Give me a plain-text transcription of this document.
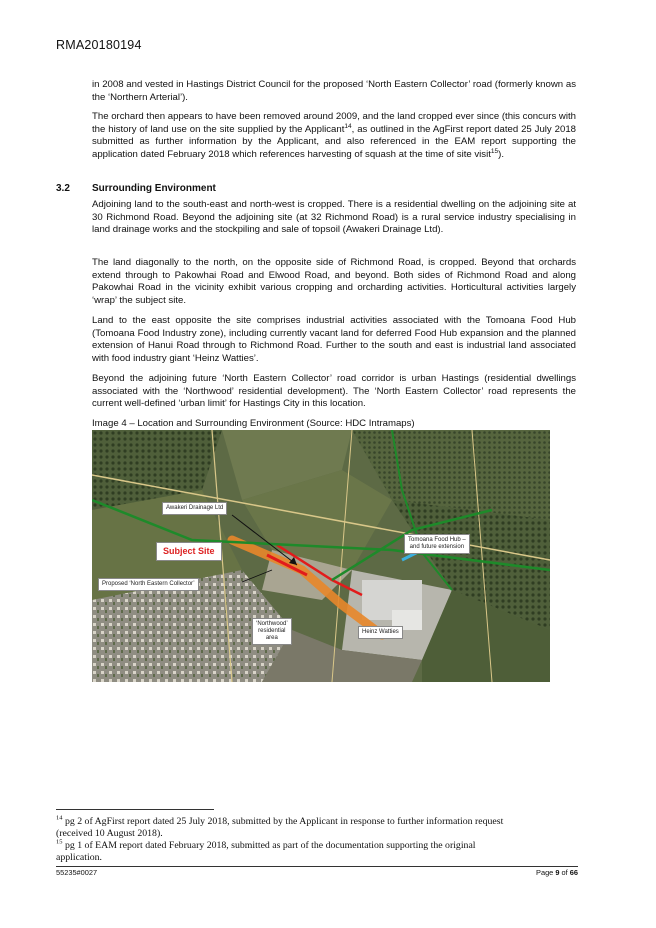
RMA20180194

in 2008 and vested in Hastings District Council for the proposed ‘North Eastern Collector’ road (formerly known as the ‘Northern Arterial’).

The orchard then appears to have been removed around 2009, and the land cropped ever since (this concurs with the history of land use on the site supplied by the Applicant$^{14}$, as outlined in the AgFirst report dated 25 July 2018 submitted as further information by the Applicant, and also referenced in the EAM report supporting the application dated February 2018 which references harvesting of squash at the time of site visit$^{15}$).

3.2 Surrounding Environment

Adjoining land to the south-east and north-west is cropped. There is a residential dwelling on the adjoining site at 30 Richmond Road. Beyond the adjoining site (at 32 Richmond Road) is a rural service industry specialising in land drainage works and the stockpiling and sale of topsoil (Awakeri Drainage Ltd).

The land diagonally to the north, on the opposite side of Richmond Road, is cropped. Beyond that orchards extend through to Pakowhai Road and Elwood Road, and beyond. Both sides of Richmond Road and along Pakowhai Road in the vicinity exhibit various cropping and orcharding activities. Horticultural activities largely ‘wrap’ the subject site.

Land to the east opposite the site comprises industrial activities associated with the Tomoana Food Hub (Tomoana Food Industry zone), including currently vacant land for deferred Food Hub expansion and the planned extension of Hanui Road through to Richmond Road. Further to the south and east is industrial land associated with food industry giant ‘Heinz Watties’.

Beyond the adjoining future ‘North Eastern Collector’ road corridor is urban Hastings (residential dwellings associated with the ‘Northwood’ residential development). The ‘North Eastern Collector’ road represents the current well-defined ‘urban limit’ for Hastings City in this location.

Image 4 – Location and Surrounding Environment (Source: HDC Intramaps)
Awakeri Drainage Ltd
Subject Site
Proposed ‘North Eastern Collector’
Tomoana Food Hub –
and future extension
‘Northwood’
residential
area
Heinz Watties

$^{14}$ pg 2 of AgFirst report dated 25 July 2018, submitted by the Applicant in response to further information request
(received 10 August 2018).

$^{15}$ pg 1 of EAM report dated February 2018, submitted as part of the documentation supporting the original
application.

55235#0027	Page 9 of 66
